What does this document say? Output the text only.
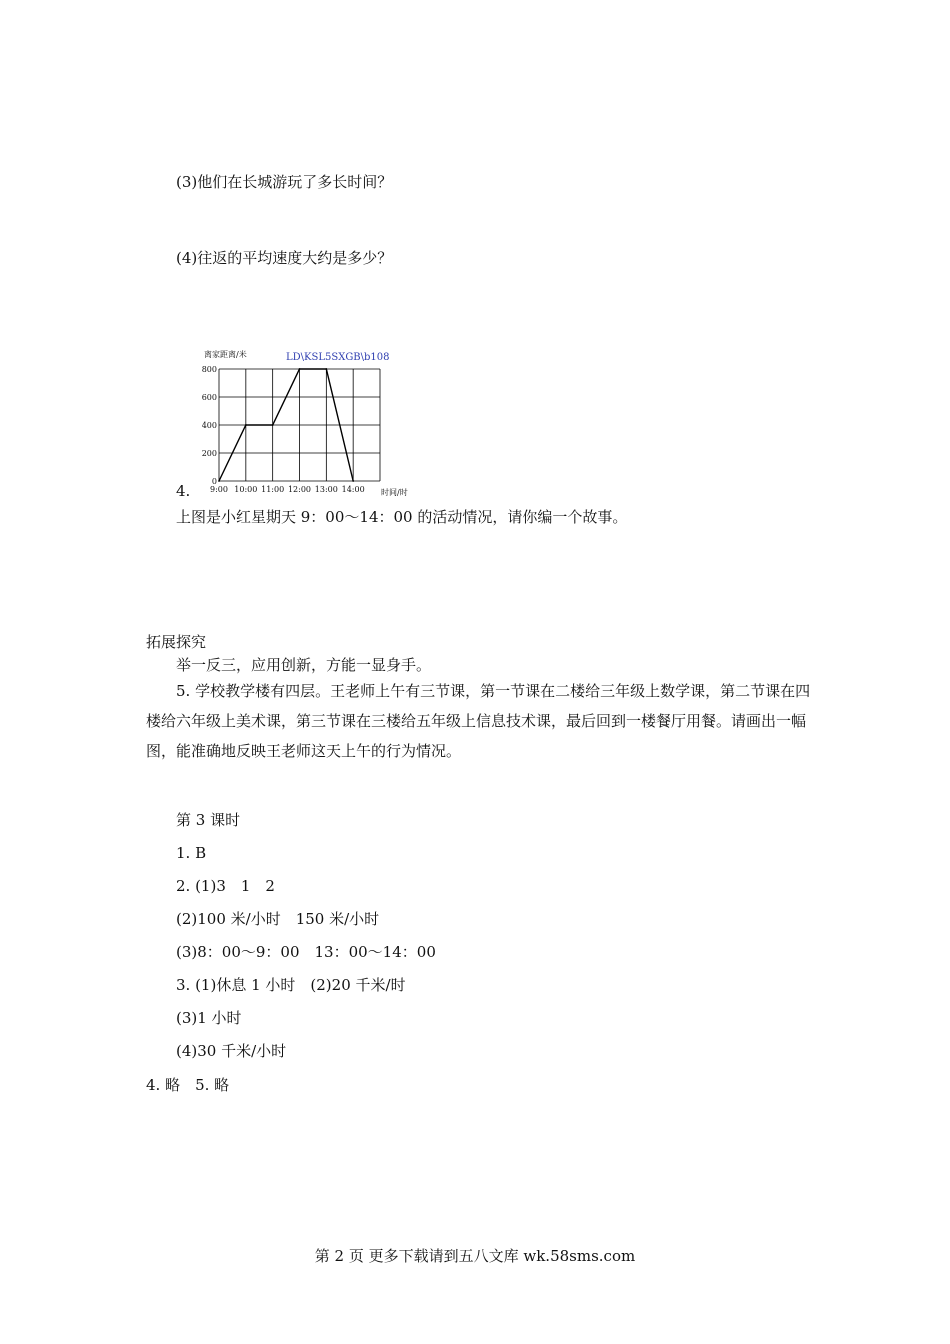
(3)他们在长城游玩了多长时间？
(4)往返的平均速度大约是多少？
0
200
400
600
800
9:00 10:00 11:00 12:00 13:00 14:00
离家距离/米
时间/时
LD\KSL5SXGB\b108
4.
上图是小红星期天 9：00～14：00 的活动情况，请你编一个故事。
拓展探究
举一反三，应用创新，方能一显身手。
5. 学校教学楼有四层。王老师上午有三节课，第一节课在二楼给三年级上数学课，第二节课在四楼给六年级上美术课，第三节课在三楼给五年级上信息技术课，最后回到一楼餐厅用餐。请画出一幅图，能准确地反映王老师这天上午的行为情况。
第 3 课时
1. B
2. (1)3　1　2
(2)100 米/小时　150 米/小时
(3)8：00～9：00　13：00～14：00
3. (1)休息 1 小时　(2)20 千米/时
(3)1 小时
(4)30 千米/小时
4. 略　5. 略
第 2 页 更多下载请到五八文库 wk.58sms.com
